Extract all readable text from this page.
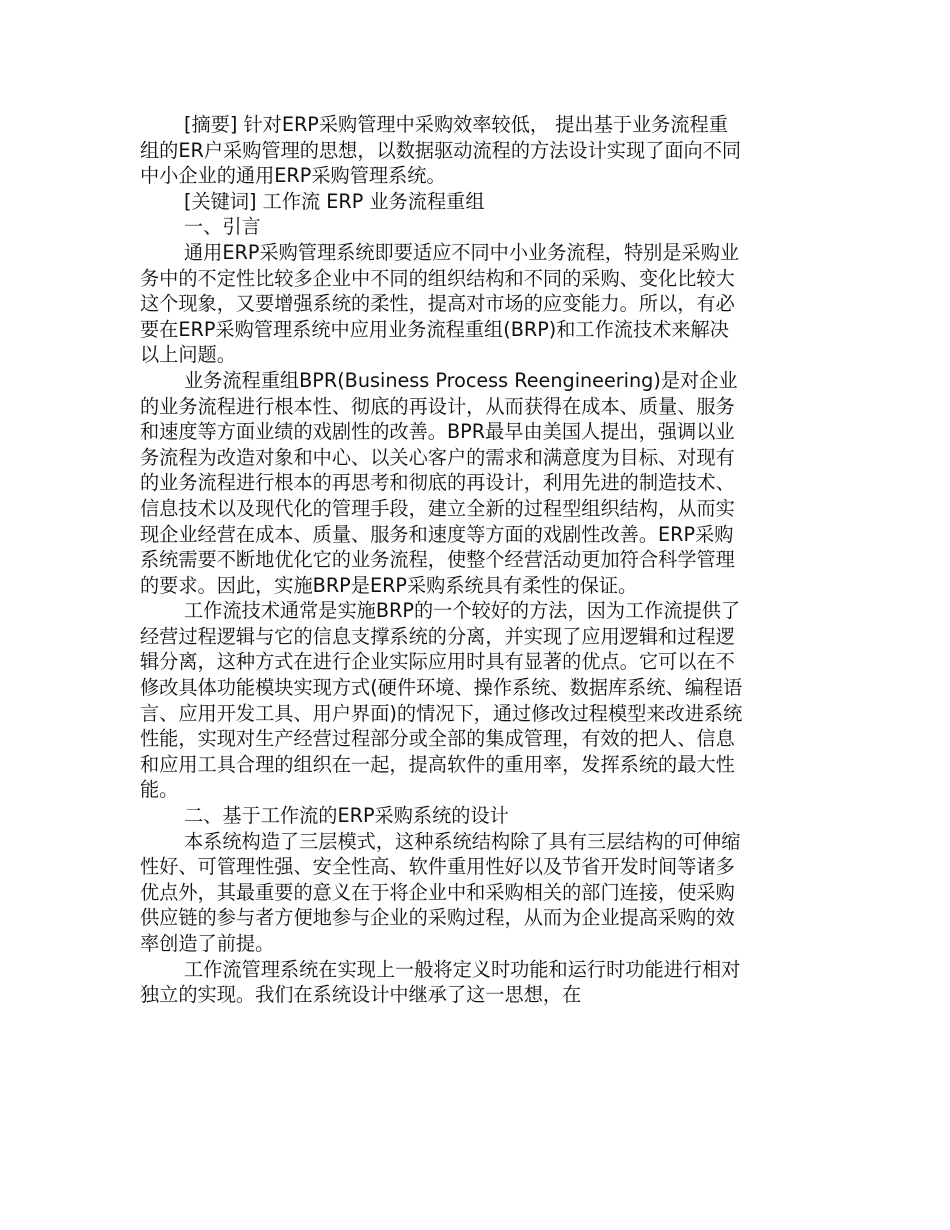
[摘要] 针对ERP采购管理中采购效率较低， 提出基于业务流程重组的ER户采购管理的思想，以数据驱动流程的方法设计实现了面向不同中小企业的通用ERP采购管理系统。

[关键词] 工作流 ERP 业务流程重组

一、引言

通用ERP采购管理系统即要适应不同中小业务流程，特别是采购业务中的不定性比较多企业中不同的组织结构和不同的采购、变化比较大这个现象，又要增强系统的柔性，提高对市场的应变能力。所以，有必要在ERP采购管理系统中应用业务流程重组(BRP)和工作流技术来解决以上问题。

业务流程重组BPR(Business Process Reengineering)是对企业的业务流程进行根本性、彻底的再设计，从而获得在成本、质量、服务和速度等方面业绩的戏剧性的改善。BPR最早由美国人提出，强调以业务流程为改造对象和中心、以关心客户的需求和满意度为目标、对现有的业务流程进行根本的再思考和彻底的再设计，利用先进的制造技术、信息技术以及现代化的管理手段，建立全新的过程型组织结构，从而实现企业经营在成本、质量、服务和速度等方面的戏剧性改善。ERP采购系统需要不断地优化它的业务流程，使整个经营活动更加符合科学管理的要求。因此，实施BRP是ERP采购系统具有柔性的保证。

工作流技术通常是实施BRP的一个较好的方法，因为工作流提供了经营过程逻辑与它的信息支撑系统的分离，并实现了应用逻辑和过程逻辑分离，这种方式在进行企业实际应用时具有显著的优点。它可以在不修改具体功能模块实现方式(硬件环境、操作系统、数据库系统、编程语言、应用开发工具、用户界面)的情况下，通过修改过程模型来改进系统性能，实现对生产经营过程部分或全部的集成管理，有效的把人、信息和应用工具合理的组织在一起，提高软件的重用率，发挥系统的最大性能。

二、基于工作流的ERP采购系统的设计

本系统构造了三层模式，这种系统结构除了具有三层结构的可伸缩性好、可管理性强、安全性高、软件重用性好以及节省开发时间等诸多优点外，其最重要的意义在于将企业中和采购相关的部门连接，使采购供应链的参与者方便地参与企业的采购过程，从而为企业提高采购的效率创造了前提。

工作流管理系统在实现上一般将定义时功能和运行时功能进行相对独立的实现。我们在系统设计中继承了这一思想，在
